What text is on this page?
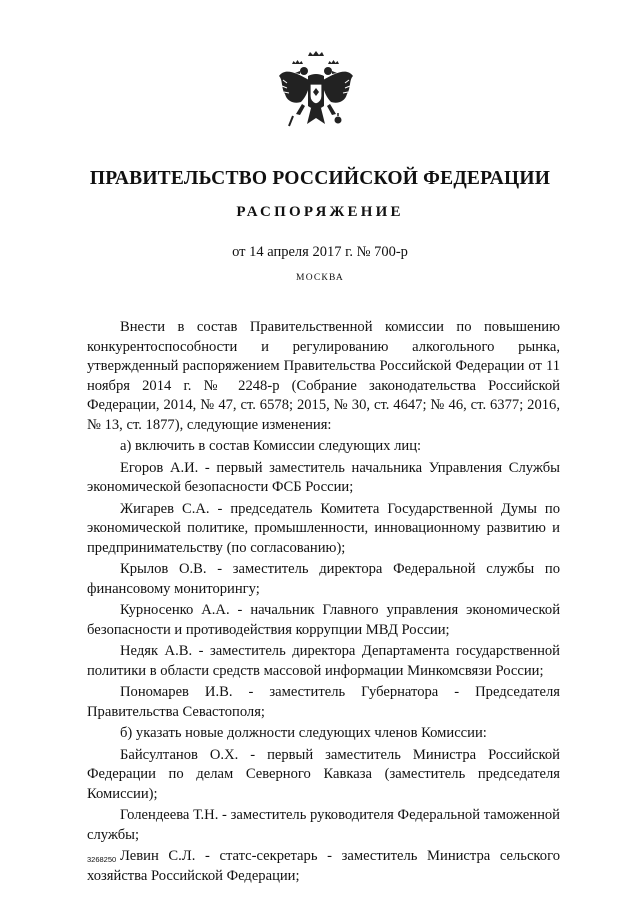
ПРАВИТЕЛЬСТВО РОССИЙСКОЙ ФЕДЕРАЦИИ
РАСПОРЯЖЕНИЕ

от 14 апреля 2017 г. № 700-р

МОСКВА

Внести в состав Правительственной комиссии по повышению конкурентоспособности и регулированию алкогольного рынка, утвержденный распоряжением Правительства Российской Федерации от 11 ноября 2014 г. № 2248-р (Собрание законодательства Российской Федерации, 2014, № 47, ст. 6578; 2015, № 30, ст. 4647; № 46, ст. 6377; 2016, № 13, ст. 1877), следующие изменения:

а) включить в состав Комиссии следующих лиц:

Егоров А.И. - первый заместитель начальника Управления Службы экономической безопасности ФСБ России;

Жигарев С.А. - председатель Комитета Государственной Думы по экономической политике, промышленности, инновационному развитию и предпринимательству (по согласованию);

Крылов О.В. - заместитель директора Федеральной службы по финансовому мониторингу;

Курносенко А.А. - начальник Главного управления экономической безопасности и противодействия коррупции МВД России;

Недяк А.В. - заместитель директора Департамента государственной политики в области средств массовой информации Минкомсвязи России;

Пономарев И.В. - заместитель Губернатора - Председателя Правительства Севастополя;

б) указать новые должности следующих членов Комиссии:

Байсултанов О.Х. - первый заместитель Министра Российской Федерации по делам Северного Кавказа (заместитель председателя Комиссии);

Голендеева Т.Н. - заместитель руководителя Федеральной таможенной службы;

Левин С.Л. - статс-секретарь - заместитель Министра сельского хозяйства Российской Федерации;

3268250
